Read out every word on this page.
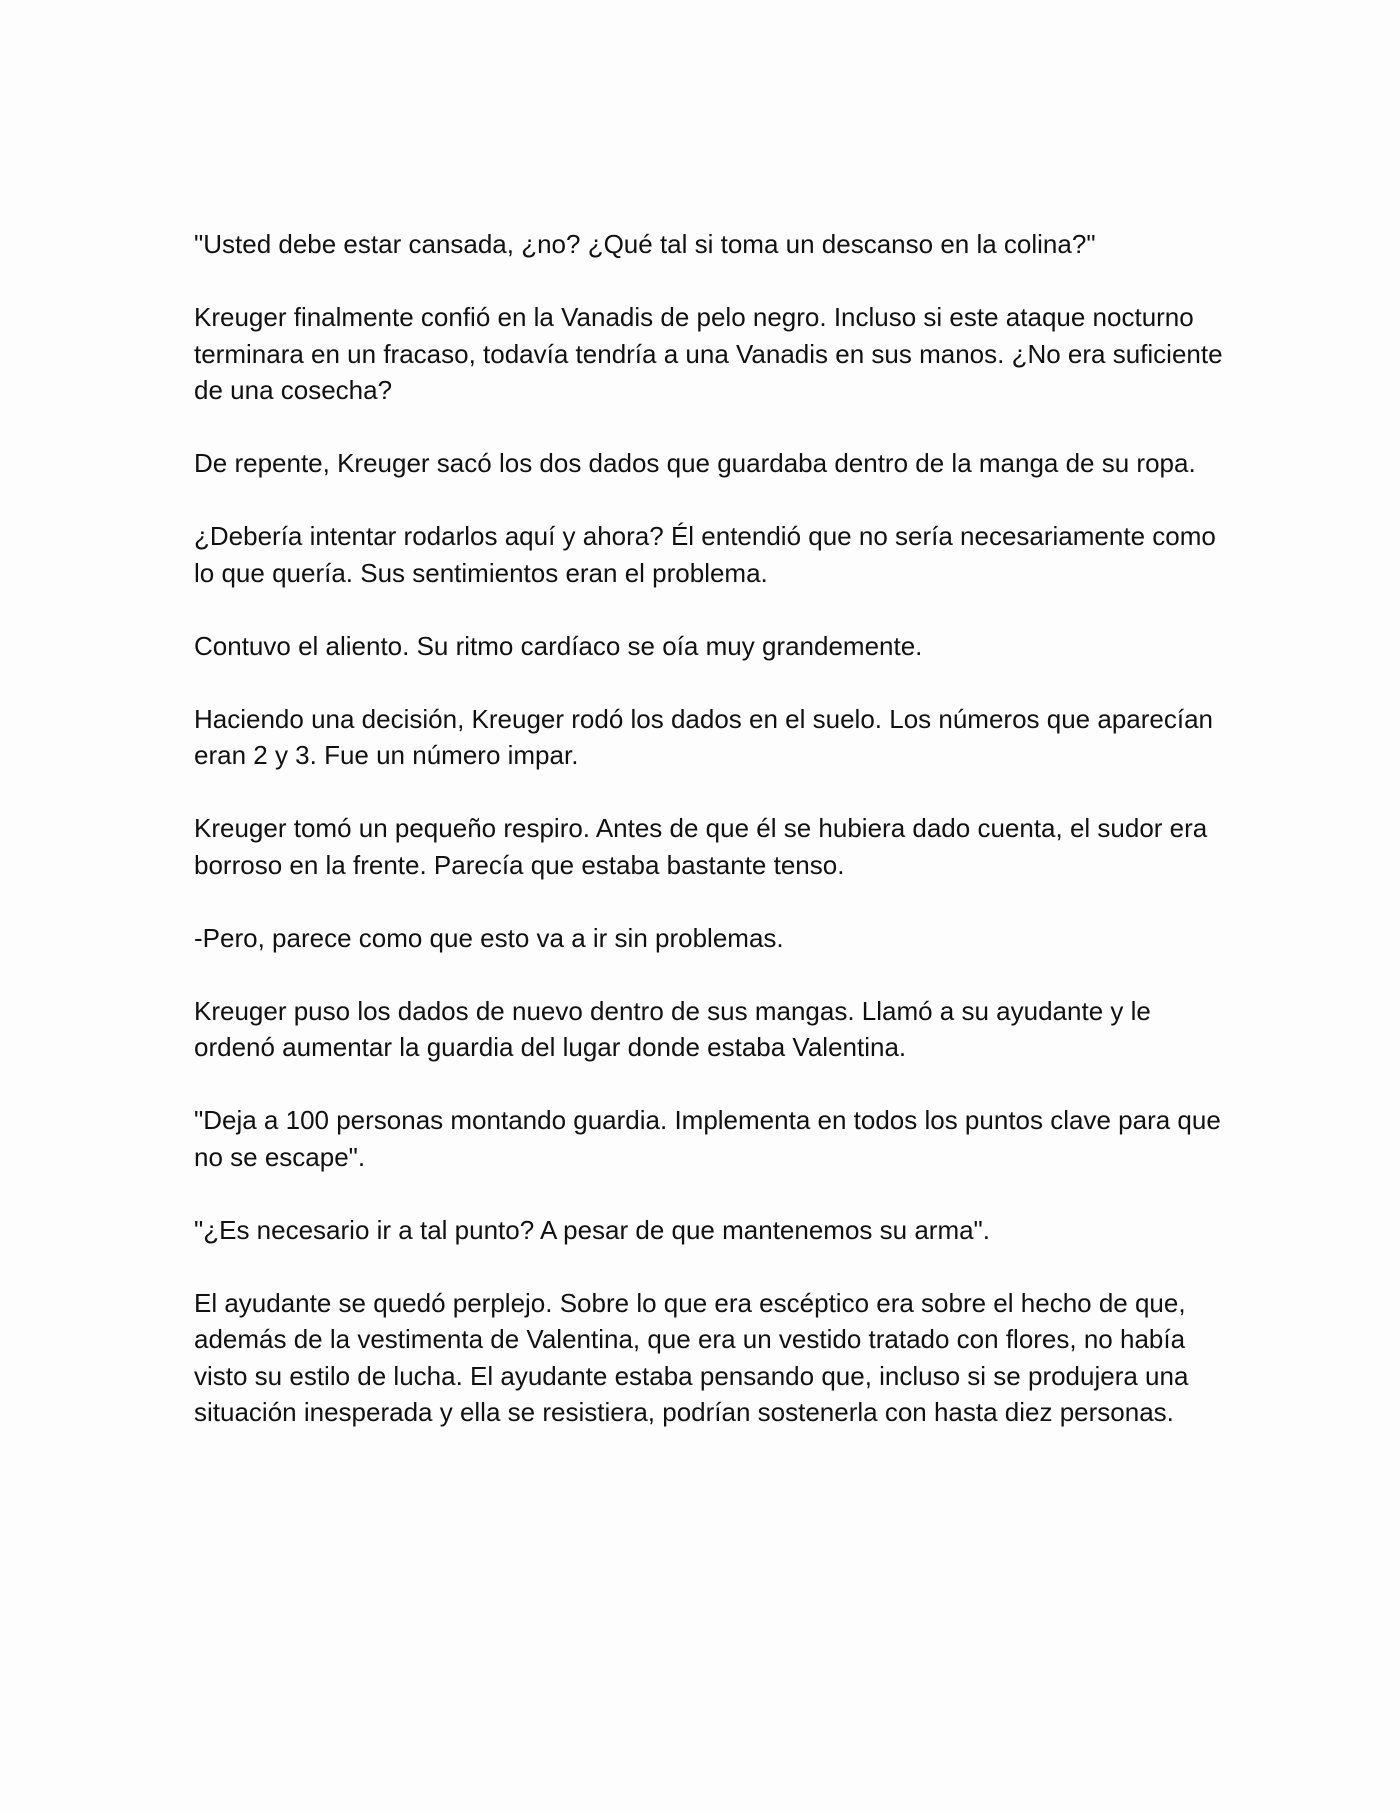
"Usted debe estar cansada, ¿no? ¿Qué tal si toma un descanso en la colina?"

Kreuger finalmente confió en la Vanadis de pelo negro. Incluso si este ataque nocturno terminara en un fracaso, todavía tendría a una Vanadis en sus manos. ¿No era suficiente de una cosecha?

De repente, Kreuger sacó los dos dados que guardaba dentro de la manga de su ropa.

¿Debería intentar rodarlos aquí y ahora? Él entendió que no sería necesariamente como lo que quería. Sus sentimientos eran el problema.

Contuvo el aliento. Su ritmo cardíaco se oía muy grandemente.

Haciendo una decisión, Kreuger rodó los dados en el suelo. Los números que aparecían eran 2 y 3. Fue un número impar.

Kreuger tomó un pequeño respiro. Antes de que él se hubiera dado cuenta, el sudor era borroso en la frente. Parecía que estaba bastante tenso.

-Pero, parece como que esto va a ir sin problemas.

Kreuger puso los dados de nuevo dentro de sus mangas. Llamó a su ayudante y le ordenó aumentar la guardia del lugar donde estaba Valentina.

"Deja a 100 personas montando guardia. Implementa en todos los puntos clave para que no se escape".

"¿Es necesario ir a tal punto? A pesar de que mantenemos su arma".

El ayudante se quedó perplejo. Sobre lo que era escéptico era sobre el hecho de que, además de la vestimenta de Valentina, que era un vestido tratado con flores, no había visto su estilo de lucha. El ayudante estaba pensando que, incluso si se produjera una situación inesperada y ella se resistiera, podrían sostenerla con hasta diez personas.
